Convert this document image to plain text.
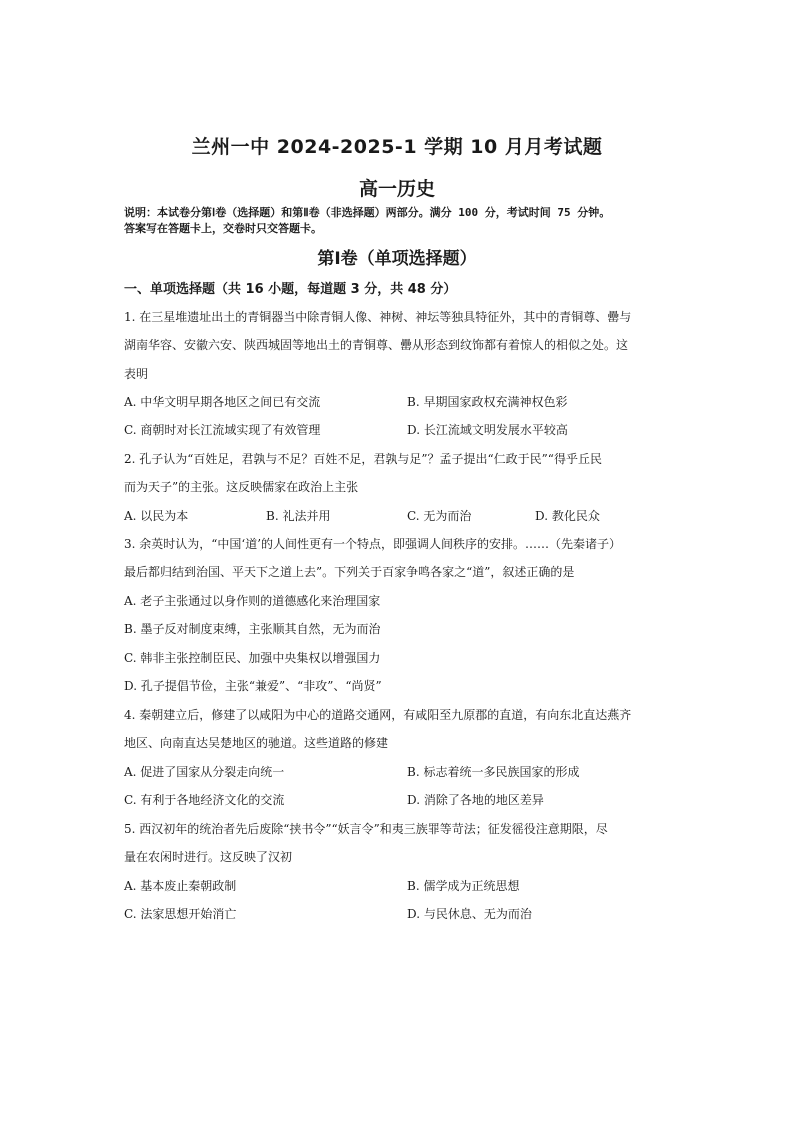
兰州一中 2024-2025-1 学期 10 月月考试题
高一历史
说明：本试卷分第Ⅰ卷（选择题）和第Ⅱ卷（非选择题）两部分。满分 100 分，考试时间 75 分钟。
答案写在答题卡上，交卷时只交答题卡。
第Ⅰ卷（单项选择题）
一、单项选择题（共 16 小题，每道题 3 分，共 48 分）
1. 在三星堆遗址出土的青铜器当中除青铜人像、神树、神坛等独具特征外，其中的青铜尊、罍与
湖南华容、安徽六安、陕西城固等地出土的青铜尊、罍从形态到纹饰都有着惊人的相似之处。这
表明
A. 中华文明早期各地区之间已有交流	B. 早期国家政权充满神权色彩
C. 商朝时对长江流域实现了有效管理	D. 长江流域文明发展水平较高
2. 孔子认为“百姓足，君孰与不足？百姓不足，君孰与足”？孟子提出“仁政于民”“得乎丘民
而为天子”的主张。这反映儒家在政治上主张
A. 以民为本	B. 礼法并用	C. 无为而治	D. 教化民众
3. 余英时认为，“中国‘道’的人间性更有一个特点，即强调人间秩序的安排。……（先秦诸子）
最后都归结到治国、平天下之道上去”。下列关于百家争鸣各家之“道”，叙述正确的是
A. 老子主张通过以身作则的道德感化来治理国家
B. 墨子反对制度束缚，主张顺其自然，无为而治
C. 韩非主张控制臣民、加强中央集权以增强国力
D. 孔子提倡节俭，主张“兼爱”、“非攻”、“尚贤”
4. 秦朝建立后，修建了以咸阳为中心的道路交通网，有咸阳至九原郡的直道，有向东北直达燕齐
地区、向南直达吴楚地区的驰道。这些道路的修建
A. 促进了国家从分裂走向统一	B. 标志着统一多民族国家的形成
C. 有利于各地经济文化的交流	D. 消除了各地的地区差异
5. 西汉初年的统治者先后废除“挟书令”“妖言令”和夷三族罪等苛法；征发徭役注意期限，尽
量在农闲时进行。这反映了汉初
A. 基本废止秦朝政制	B. 儒学成为正统思想
C. 法家思想开始消亡	D. 与民休息、无为而治
